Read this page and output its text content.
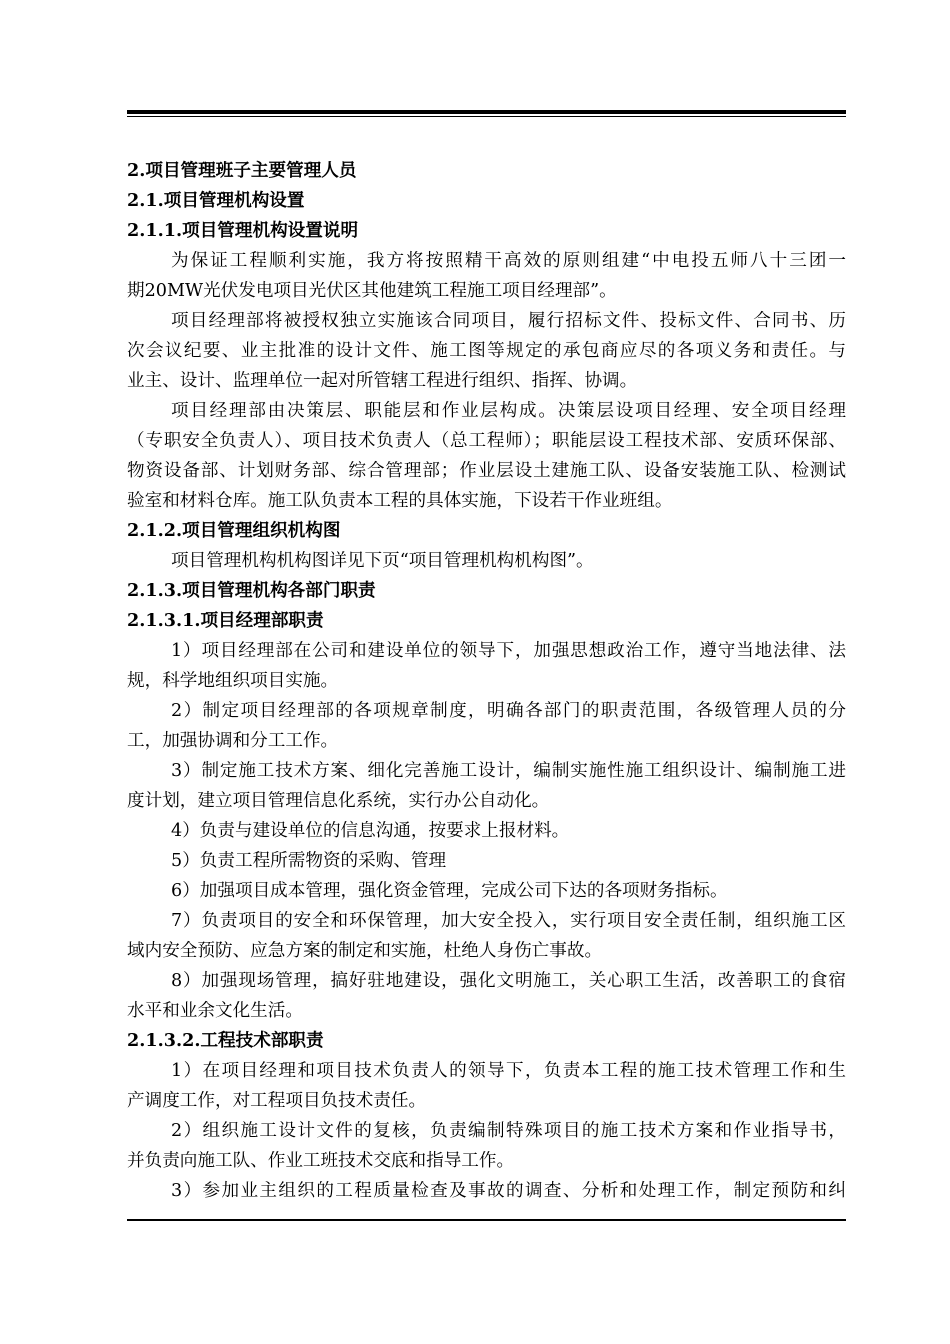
2.项目管理班子主要管理人员
2.1.项目管理机构设置
2.1.1.项目管理机构设置说明
为保证工程顺利实施，我方将按照精干高效的原则组建“中电投五师八十三团一
期20MW光伏发电项目光伏区其他建筑工程施工项目经理部”。
项目经理部将被授权独立实施该合同项目，履行招标文件、投标文件、合同书、历
次会议纪要、业主批准的设计文件、施工图等规定的承包商应尽的各项义务和责任。与
业主、设计、监理单位一起对所管辖工程进行组织、指挥、协调。
项目经理部由决策层、职能层和作业层构成。决策层设项目经理、安全项目经理
（专职安全负责人）、项目技术负责人（总工程师）；职能层设工程技术部、安质环保部、
物资设备部、计划财务部、综合管理部；作业层设土建施工队、设备安装施工队、检测试
验室和材料仓库。施工队负责本工程的具体实施，下设若干作业班组。
2.1.2.项目管理组织机构图
项目管理机构机构图详见下页“项目管理机构机构图”。
2.1.3.项目管理机构各部门职责
2.1.3.1.项目经理部职责
1）项目经理部在公司和建设单位的领导下，加强思想政治工作，遵守当地法律、法
规，科学地组织项目实施。
2）制定项目经理部的各项规章制度，明确各部门的职责范围，各级管理人员的分
工，加强协调和分工工作。
3）制定施工技术方案、细化完善施工设计，编制实施性施工组织设计、编制施工进
度计划，建立项目管理信息化系统，实行办公自动化。
4）负责与建设单位的信息沟通，按要求上报材料。
5）负责工程所需物资的采购、管理
6）加强项目成本管理，强化资金管理，完成公司下达的各项财务指标。
7）负责项目的安全和环保管理，加大安全投入，实行项目安全责任制，组织施工区
域内安全预防、应急方案的制定和实施，杜绝人身伤亡事故。
8）加强现场管理，搞好驻地建设，强化文明施工，关心职工生活，改善职工的食宿
水平和业余文化生活。
2.1.3.2.工程技术部职责
1）在项目经理和项目技术负责人的领导下，负责本工程的施工技术管理工作和生
产调度工作，对工程项目负技术责任。
2）组织施工设计文件的复核，负责编制特殊项目的施工技术方案和作业指导书，
并负责向施工队、作业工班技术交底和指导工作。
3）参加业主组织的工程质量检查及事故的调查、分析和处理工作，制定预防和纠
